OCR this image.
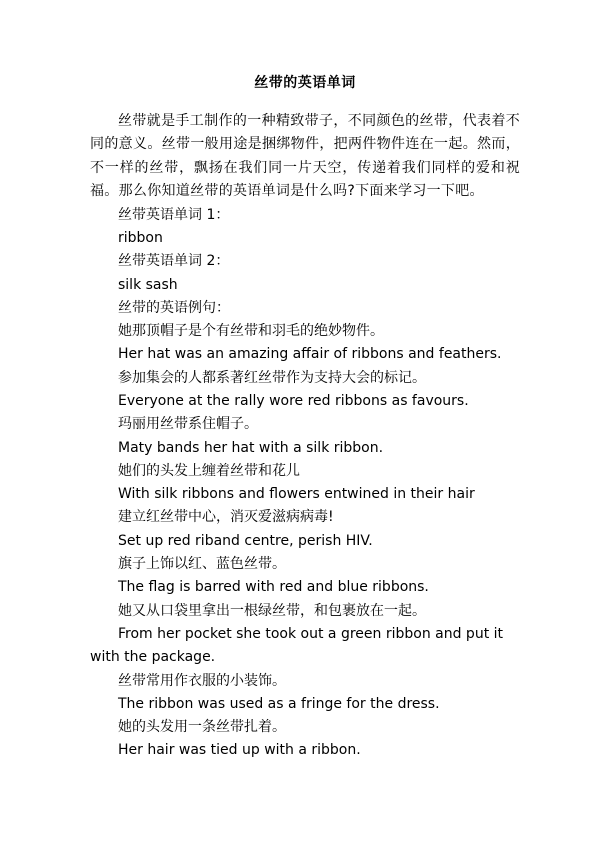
丝带的英语单词

丝带就是手工制作的一种精致带子，不同颜色的丝带，代表着不同的意义。丝带一般用途是捆绑物件，把两件物件连在一起。然而，不一样的丝带，飘扬在我们同一片天空，传递着我们同样的爱和祝福。那么你知道丝带的英语单词是什么吗?下面来学习一下吧。

丝带英语单词 1：

ribbon

丝带英语单词 2：

silk sash

丝带的英语例句：

她那顶帽子是个有丝带和羽毛的绝妙物件。

Her hat was an amazing affair of ribbons and feathers.

参加集会的人都系著红丝带作为支持大会的标记。

Everyone at the rally wore red ribbons as favours.

玛丽用丝带系住帽子。

Maty bands her hat with a silk ribbon.

她们的头发上缠着丝带和花儿

With silk ribbons and flowers entwined in their hair

建立红丝带中心，消灭爱滋病病毒!

Set up red riband centre, perish HIV.

旗子上饰以红、蓝色丝带。

The flag is barred with red and blue ribbons.

她又从口袋里拿出一根绿丝带，和包裹放在一起。

From her pocket she took out a green ribbon and put it with the package.

丝带常用作衣服的小装饰。

The ribbon was used as a fringe for the dress.

她的头发用一条丝带扎着。

Her hair was tied up with a ribbon.
